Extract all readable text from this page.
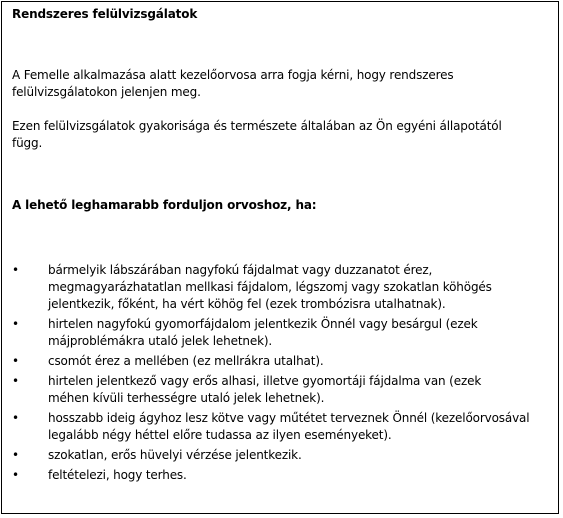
Rendszeres felülvizsgálatok
A Femelle alkalmazása alatt kezelőorvosa arra fogja kérni, hogy rendszeres
felülvizsgálatokon jelenjen meg.
Ezen felülvizsgálatok gyakorisága és természete általában az Ön egyéni állapotától
függ.
A lehető leghamarabb forduljon orvoshoz, ha:
• bármelyik lábszárában nagyfokú fájdalmat vagy duzzanatot érez,
megmagyarázhatatlan mellkasi fájdalom, légszomj vagy szokatlan köhögés
jelentkezik, főként, ha vért köhög fel (ezek trombózisra utalhatnak).
• hirtelen nagyfokú gyomorfájdalom jelentkezik Önnél vagy besárgul (ezek
májproblémákra utaló jelek lehetnek).
• csomót érez a mellében (ez mellrákra utalhat).
• hirtelen jelentkező vagy erős alhasi, illetve gyomortáji fájdalma van (ezek
méhen kívüli terhességre utaló jelek lehetnek).
• hosszabb ideig ágyhoz lesz kötve vagy műtétet terveznek Önnél (kezelőorvosával
legalább négy héttel előre tudassa az ilyen eseményeket).
• szokatlan, erős hüvelyi vérzése jelentkezik.
• feltételezi, hogy terhes.
